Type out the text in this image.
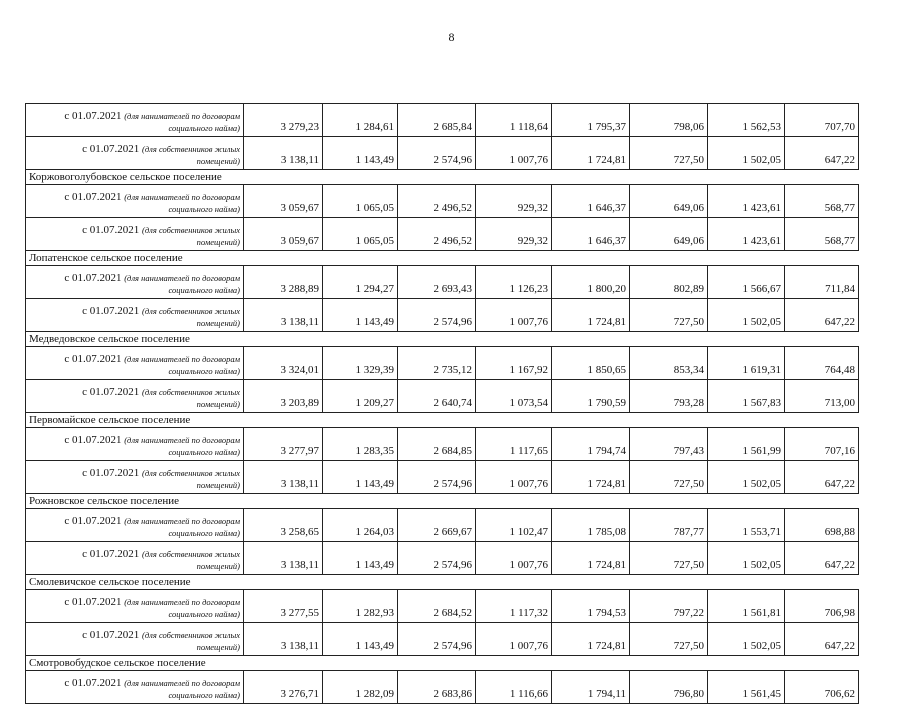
8
с 01.07.2021 (для нанимателей по договорам
социального найма)	3 279,23	1 284,61	2 685,84	1 118,64	1 795,37	798,06	1 562,53	707,70
с 01.07.2021 (для собственников жилых
помещений)	3 138,11	1 143,49	2 574,96	1 007,76	1 724,81	727,50	1 502,05	647,22
Коржовоголубовское сельское поселение								
с 01.07.2021 (для нанимателей по договорам
социального найма)	3 059,67	1 065,05	2 496,52	929,32	1 646,37	649,06	1 423,61	568,77
с 01.07.2021 (для собственников жилых
помещений)	3 059,67	1 065,05	2 496,52	929,32	1 646,37	649,06	1 423,61	568,77
Лопатенское сельское поселение								
с 01.07.2021 (для нанимателей по договорам
социального найма)	3 288,89	1 294,27	2 693,43	1 126,23	1 800,20	802,89	1 566,67	711,84
с 01.07.2021 (для собственников жилых
помещений)	3 138,11	1 143,49	2 574,96	1 007,76	1 724,81	727,50	1 502,05	647,22
Медведовское сельское поселение								
с 01.07.2021 (для нанимателей по договорам
социального найма)	3 324,01	1 329,39	2 735,12	1 167,92	1 850,65	853,34	1 619,31	764,48
с 01.07.2021 (для собственников жилых
помещений)	3 203,89	1 209,27	2 640,74	1 073,54	1 790,59	793,28	1 567,83	713,00
Первомайское сельское поселение								
с 01.07.2021 (для нанимателей по договорам
социального найма)	3 277,97	1 283,35	2 684,85	1 117,65	1 794,74	797,43	1 561,99	707,16
с 01.07.2021 (для собственников жилых
помещений)	3 138,11	1 143,49	2 574,96	1 007,76	1 724,81	727,50	1 502,05	647,22
Рожновское сельское поселение								
с 01.07.2021 (для нанимателей по договорам
социального найма)	3 258,65	1 264,03	2 669,67	1 102,47	1 785,08	787,77	1 553,71	698,88
с 01.07.2021 (для собственников жилых
помещений)	3 138,11	1 143,49	2 574,96	1 007,76	1 724,81	727,50	1 502,05	647,22
Смолевичское сельское поселение								
с 01.07.2021 (для нанимателей по договорам
социального найма)	3 277,55	1 282,93	2 684,52	1 117,32	1 794,53	797,22	1 561,81	706,98
с 01.07.2021 (для собственников жилых
помещений)	3 138,11	1 143,49	2 574,96	1 007,76	1 724,81	727,50	1 502,05	647,22
Смотровобудское сельское поселение								
с 01.07.2021 (для нанимателей по договорам
социального найма)	3 276,71	1 282,09	2 683,86	1 116,66	1 794,11	796,80	1 561,45	706,62
